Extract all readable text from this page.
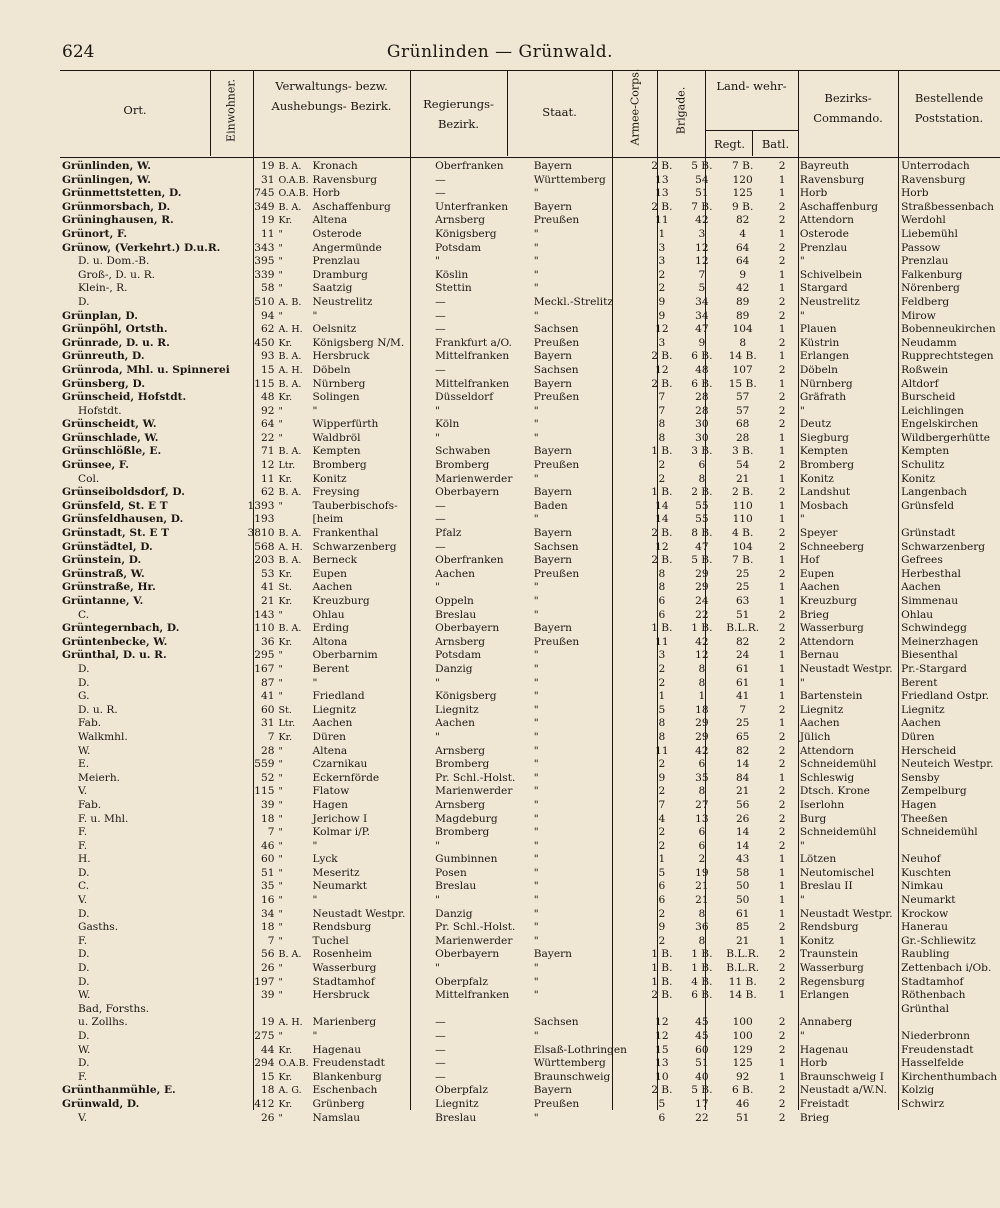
624	Grünlinden — Grünwald.
Ort.	Einwohner.	Verwaltungs- bezw. Aushebungs- Bezirk.	Regierungs- Bezirk.
Staat.	Armee-Corps.	Brigade.
Land- wehr-
Regt.	Batl.
Bezirks- Commando.
Bestellende Poststation.
Grünlinden, W.	19	B. A. Kronach	Oberfranken	Bayern	2 B.	5 B.	7 B.	2	Bayreuth	Unterrodach
Grünlingen, W.	31	O.A.B. Ravensburg	—	Württemberg	13	54	120	1	Ravensburg	Ravensburg
Grünmettstetten, D.	745	O.A.B. Horb	—	"	13	51	125	1	Horb	Horb
Grünmorsbach, D.	349	B. A. Aschaffenburg	Unterfranken	Bayern	2 B.	7 B.	9 B.	2	Aschaffenburg	Straßbessenbach
Grüninghausen, R.	19	Kr. Altena	Arnsberg	Preußen	11	42	82	2	Attendorn	Werdohl
Grünort, F.	11	" Osterode	Königsberg	"	1	3	4	1	Osterode	Liebemühl
Grünow, (Verkehrt.) D.u.R.	343	" Angermünde	Potsdam	"	3	12	64	2	Prenzlau	Passow
D. u. Dom.-B.	395	" Prenzlau	"	"	3	12	64	2	"	Prenzlau
Groß-, D. u. R.	339	" Dramburg	Köslin	"	2	7	9	1	Schivelbein	Falkenburg
Klein-, R.	58	" Saatzig	Stettin	"	2	5	42	1	Stargard	Nörenberg
D.	510	A. B. Neustrelitz	—	Meckl.-Strelitz	9	34	89	2	Neustrelitz	Feldberg
Grünplan, D.	94	" "	—	"	9	34	89	2	"	Mirow
Grünpöhl, Ortsth.	62	A. H. Oelsnitz	—	Sachsen	12	47	104	1	Plauen	Bobenneukirchen
Grünrade, D. u. R.	450	Kr. Königsberg N/M.	Frankfurt a/O.	Preußen	3	9	8	2	Küstrin	Neudamm
Grünreuth, D.	93	B. A. Hersbruck	Mittelfranken	Bayern	2 B.	6 B.	14 B.	1	Erlangen	Rupprechtstegen
Grünroda, Mhl. u. Spinnerei	15	A. H. Döbeln	—	Sachsen	12	48	107	2	Döbeln	Roßwein
Grünsberg, D.	115	B. A. Nürnberg	Mittelfranken	Bayern	2 B.	6 B.	15 B.	1	Nürnberg	Altdorf
Grünscheid, Hofstdt.	48	Kr. Solingen	Düsseldorf	Preußen	7	28	57	2	Gräfrath	Burscheid
Hofstdt.	92	" "	"	"	7	28	57	2	"	Leichlingen
Grünscheidt, W.	64	" Wipperfürth	Köln	"	8	30	68	2	Deutz	Engelskirchen
Grünschlade, W.	22	" Waldbröl	"	"	8	30	28	1	Siegburg	Wildbergerhütte
Grünschlößle, E.	71	B. A. Kempten	Schwaben	Bayern	1 B.	3 B.	3 B.	1	Kempten	Kempten
Grünsee, F.	12	Ltr. Bromberg	Bromberg	Preußen	2	6	54	2	Bromberg	Schulitz
Col.	11	Kr. Konitz	Marienwerder	"	2	8	21	1	Konitz	Konitz
Grünseiboldsdorf, D.	62	B. A. Freysing	Oberbayern	Bayern	1 B.	2 B.	2 B.	2	Landshut	Langenbach
Grünsfeld, St. E T	1393	" Tauberbischofs-	—	Baden	14	55	110	1	Mosbach	Grünsfeld
Grünsfeldhausen, D.	193	[heim	—	"	14	55	110	1	"	
Grünstadt, St. E T	3810	B. A. Frankenthal	Pfalz	Bayern	2 B.	8 B.	4 B.	2	Speyer	Grünstadt
Grünstädtel, D.	568	A. H. Schwarzenberg	—	Sachsen	12	47	104	2	Schneeberg	Schwarzenberg
Grünstein, D.	203	B. A. Berneck	Oberfranken	Bayern	2 B.	5 B.	7 B.	1	Hof	Gefrees
Grünstraß, W.	53	Kr. Eupen	Aachen	Preußen	8	29	25	2	Eupen	Herbesthal
Grünstraße, Hr.	41	St. Aachen	"	"	8	29	25	1	Aachen	Aachen
Grüntanne, V.	21	Kr. Kreuzburg	Oppeln	"	6	24	63	1	Kreuzburg	Simmenau
C.	143	" Ohlau	Breslau	"	6	22	51	2	Brieg	Ohlau
Grüntegernbach, D.	110	B. A. Erding	Oberbayern	Bayern	1 B.	1 B.	B.L.R.	2	Wasserburg	Schwindegg
Grüntenbecke, W.	36	Kr. Altona	Arnsberg	Preußen	11	42	82	2	Attendorn	Meinerzhagen
Grünthal, D. u. R.	295	" Oberbarnim	Potsdam	"	3	12	24	1	Bernau	Biesenthal
D.	167	" Berent	Danzig	"	2	8	61	1	Neustadt Westpr.	Pr.-Stargard
D.	87	" "	"	"	2	8	61	1	"	Berent
G.	41	" Friedland	Königsberg	"	1	1	41	1	Bartenstein	Friedland Ostpr.
D. u. R.	60	St. Liegnitz	Liegnitz	"	5	18	7	2	Liegnitz	Liegnitz
Fab.	31	Ltr. Aachen	Aachen	"	8	29	25	1	Aachen	Aachen
Walkmhl.	7	Kr. Düren	"	"	8	29	65	2	Jülich	Düren
W.	28	" Altena	Arnsberg	"	11	42	82	2	Attendorn	Herscheid
E.	559	" Czarnikau	Bromberg	"	2	6	14	2	Schneidemühl	Neuteich Westpr.
Meierh.	52	" Eckernförde	Pr. Schl.-Holst.	"	9	35	84	1	Schleswig	Sensby
V.	115	" Flatow	Marienwerder	"	2	8	21	2	Dtsch. Krone	Zempelburg
Fab.	39	" Hagen	Arnsberg	"	7	27	56	2	Iserlohn	Hagen
F. u. Mhl.	18	" Jerichow I	Magdeburg	"	4	13	26	2	Burg	Theeßen
F.	7	" Kolmar i/P.	Bromberg	"	2	6	14	2	Schneidemühl	Schneidemühl
F.	46	" "	"	"	2	6	14	2	"	
H.	60	" Lyck	Gumbinnen	"	1	2	43	1	Lötzen	Neuhof
D.	51	" Meseritz	Posen	"	5	19	58	1	Neutomischel	Kuschten
C.	35	" Neumarkt	Breslau	"	6	21	50	1	Breslau II	Nimkau
V.	16	" "	"	"	6	21	50	1	"	Neumarkt
D.	34	" Neustadt Westpr.	Danzig	"	2	8	61	1	Neustadt Westpr.	Krockow
Gasths.	18	" Rendsburg	Pr. Schl.-Holst.	"	9	36	85	2	Rendsburg	Hanerau
F.	7	" Tuchel	Marienwerder	"	2	8	21	1	Konitz	Gr.-Schliewitz
D.	56	B. A. Rosenheim	Oberbayern	Bayern	1 B.	1 B.	B.L.R.	2	Traunstein	Raubling
D.	26	" Wasserburg	"	"	1 B.	1 B.	B.L.R.	2	Wasserburg	Zettenbach i/Ob.
D.	197	" Stadtamhof	Oberpfalz	"	1 B.	4 B.	11 B.	2	Regensburg	Stadtamhof
W.	39	" Hersbruck	Mittelfranken	"	2 B.	6 B.	14 B.	1	Erlangen	Röthenbach
Bad, Forsths.										Grünthal
u. Zollhs.	19	A. H. Marienberg	—	Sachsen	12	45	100	2	Annaberg	
D.	275	" "	—	"	12	45	100	2	"	Niederbronn
W.	44	Kr. Hagenau	—	Elsaß-Lothringen	15	60	129	2	Hagenau	Freudenstadt
D.	294	O.A.B. Freudenstadt	—	Württemberg	13	51	125	1	Horb	Hasselfelde
F.	15	Kr. Blankenburg	—	Braunschweig	10	40	92	1	Braunschweig I	Kirchenthumbach
Grünthanmühle, E.	18	A. G. Eschenbach	Oberpfalz	Bayern	2 B.	5 B.	6 B.	2	Neustadt a/W.N.	Kolzig
Grünwald, D.	412	Kr. Grünberg	Liegnitz	Preußen	5	17	46	2	Freistadt	Schwirz
V.	26	" Namslau	Breslau	"	6	22	51	2	Brieg	
